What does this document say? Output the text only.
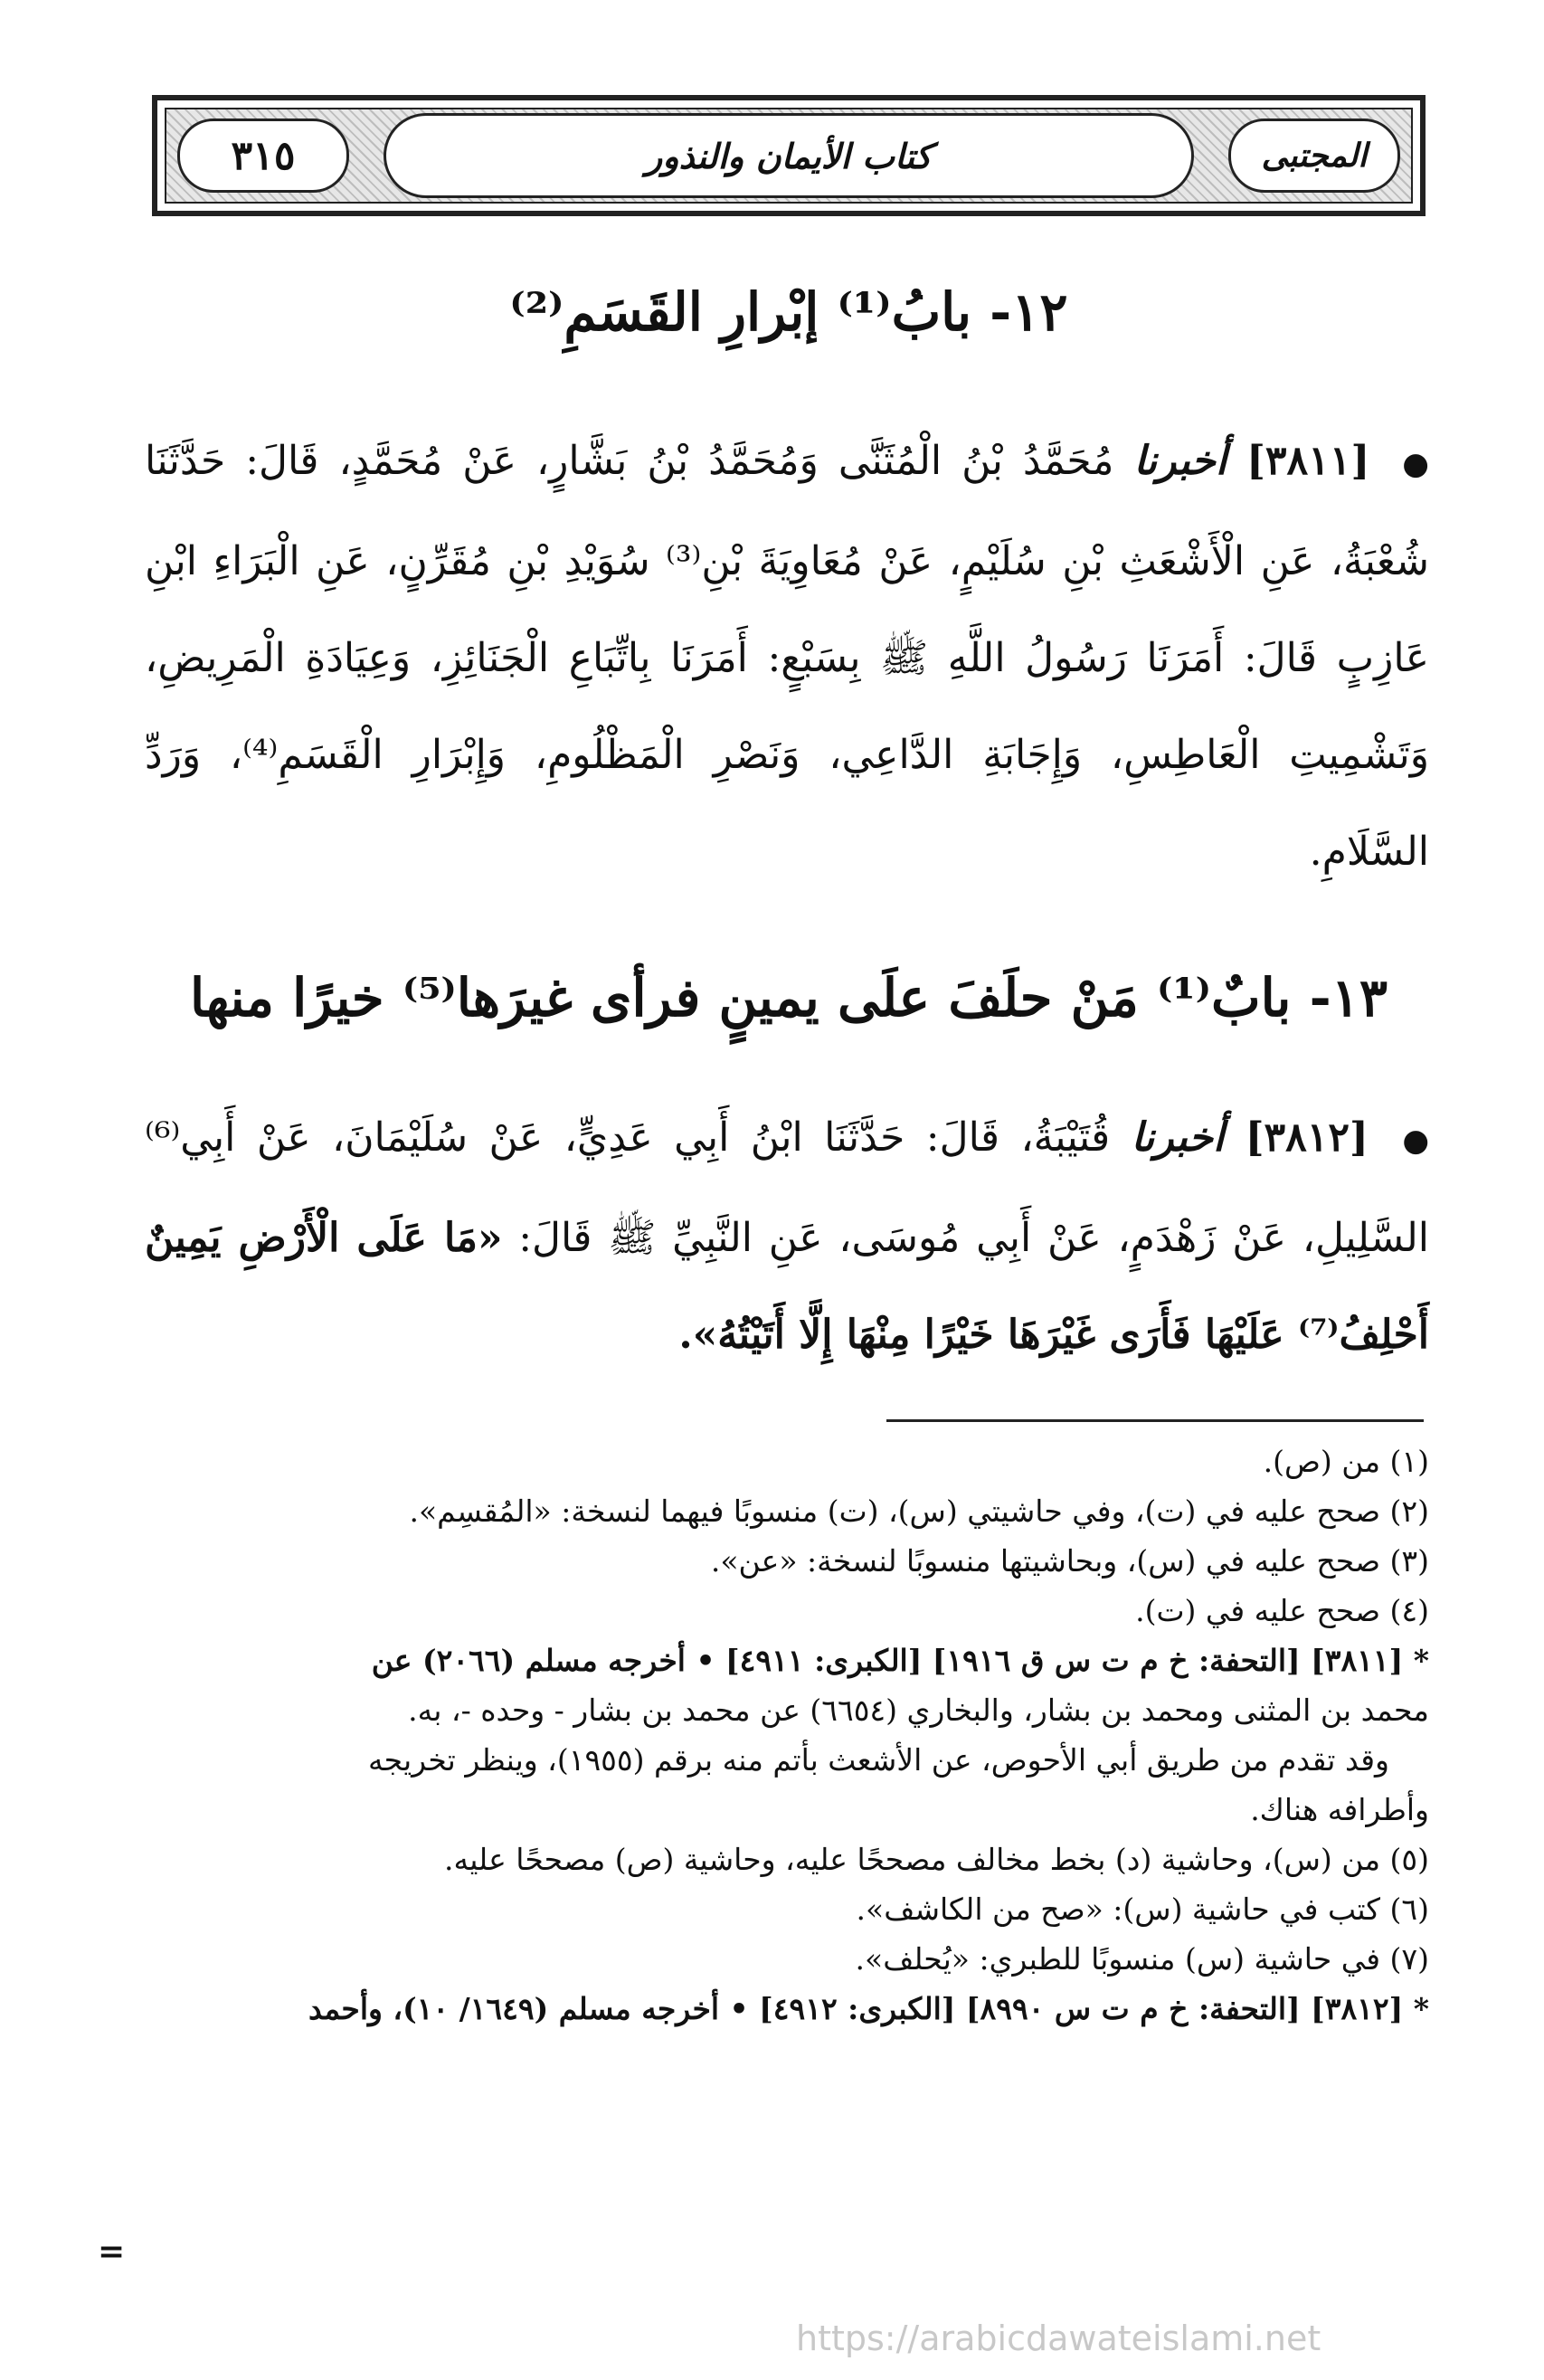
٣١٥	كتاب الأيمان والنذور	المجتبى
١٢- بابُ⁽¹⁾ إبْرارِ القَسَمِ⁽²⁾
● [٣٨١١] أخبرنا مُحَمَّدُ بْنُ الْمُثَنَّى وَمُحَمَّدُ بْنُ بَشَّارٍ، عَنْ مُحَمَّدٍ، قَالَ: حَدَّثَنَا شُعْبَةُ، عَنِ الْأَشْعَثِ بْنِ سُلَيْمٍ، عَنْ مُعَاوِيَةَ بْنِ⁽³⁾ سُوَيْدِ بْنِ مُقَرِّنٍ، عَنِ الْبَرَاءِ ابْنِ عَازِبٍ قَالَ: أَمَرَنَا رَسُولُ اللَّهِ ﷺ بِسَبْعٍ: أَمَرَنَا بِاتِّبَاعِ الْجَنَائِزِ، وَعِيَادَةِ الْمَرِيضِ، وَتَشْمِيتِ الْعَاطِسِ، وَإِجَابَةِ الدَّاعِي، وَنَصْرِ الْمَظْلُومِ، وَإِبْرَارِ الْقَسَمِ⁽⁴⁾، وَرَدِّ السَّلَامِ.
١٣- بابٌ⁽¹⁾ مَنْ حلَفَ علَى يمينٍ فرأى غيرَها⁽⁵⁾ خيرًا منها
● [٣٨١٢] أخبرنا قُتَيْبَةُ، قَالَ: حَدَّثَنَا ابْنُ أَبِي عَدِيٍّ، عَنْ سُلَيْمَانَ، عَنْ أَبِي⁽⁶⁾ السَّلِيلِ، عَنْ زَهْدَمٍ، عَنْ أَبِي مُوسَى، عَنِ النَّبِيِّ ﷺ قَالَ: «مَا عَلَى الْأَرْضِ يَمِينٌ أَحْلِفُ⁽⁷⁾ عَلَيْهَا فَأَرَى غَيْرَهَا خَيْرًا مِنْهَا إِلَّا أَتَيْتُهُ».

(١) من (ص).

(٢) صحح عليه في (ت)، وفي حاشيتي (س)، (ت) منسوبًا فيهما لنسخة: «المُقسِم».

(٣) صحح عليه في (س)، وبحاشيتها منسوبًا لنسخة: «عن».

(٤) صحح عليه في (ت).

* [٣٨١١] [التحفة: خ م ت س ق ١٩١٦] [الكبرى: ٤٩١١] • أخرجه مسلم (٢٠٦٦) عن

محمد بن المثنى ومحمد بن بشار، والبخاري (٦٦٥٤) عن محمد بن بشار - وحده -، به.

وقد تقدم من طريق أبي الأحوص، عن الأشعث بأتم منه برقم (١٩٥٥)، وينظر تخريجه

وأطرافه هناك.

(٥) من (س)، وحاشية (د) بخط مخالف مصححًا عليه، وحاشية (ص) مصححًا عليه.

(٦) كتب في حاشية (س): «صح من الكاشف».

(٧) في حاشية (س) منسوبًا للطبري: «يُحلف».

* [٣٨١٢] [التحفة: خ م ت س ٨٩٩٠] [الكبرى: ٤٩١٢] • أخرجه مسلم (١٦٤٩/ ١٠)، وأحمد

=
https://arabicdawateislami.net
